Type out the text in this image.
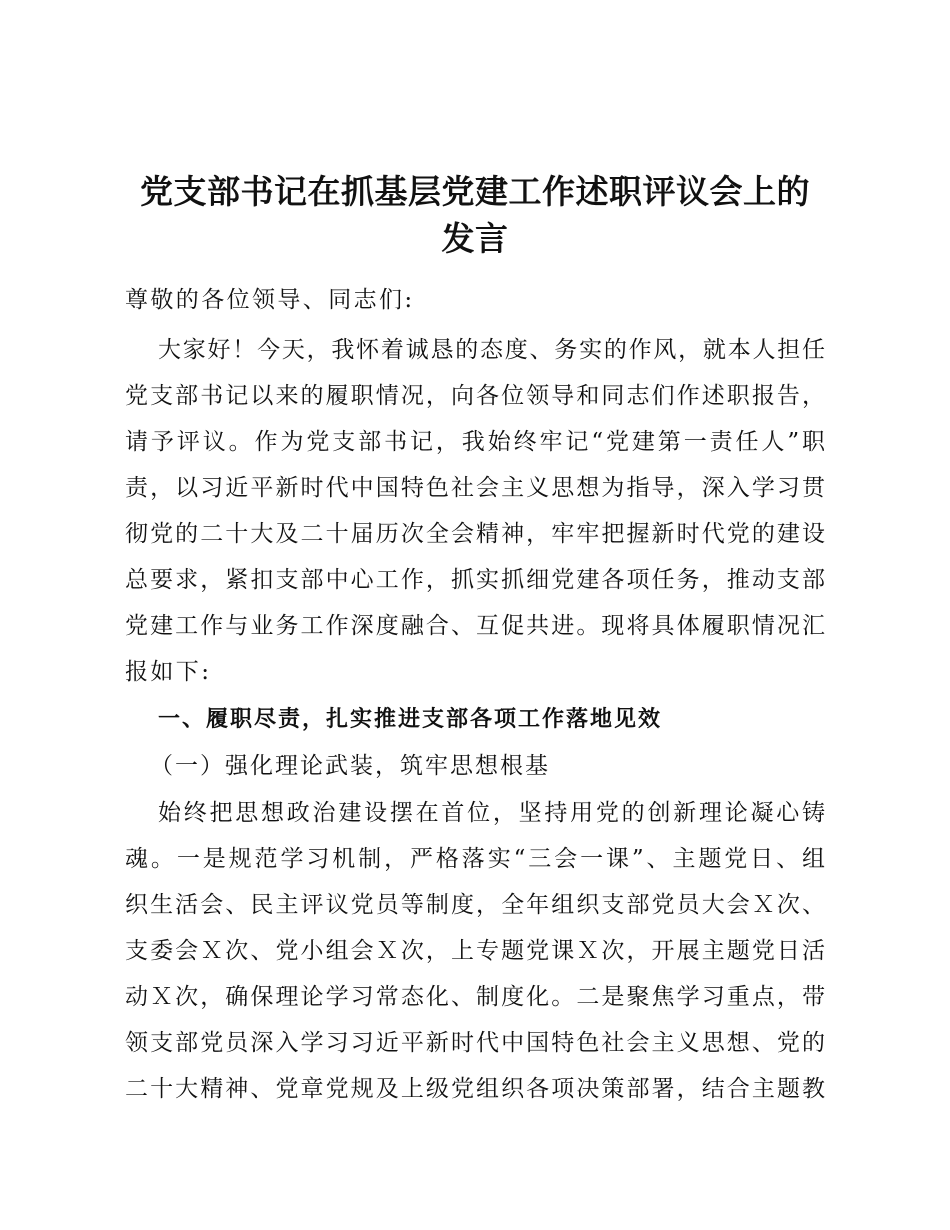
党支部书记在抓基层党建工作述职评议会上的
发言

尊敬的各位领导、同志们:

大家好！今天，我怀着诚恳的态度、务实的作风，就本人担任

党支部书记以来的履职情况，向各位领导和同志们作述职报告，

请予评议。作为党支部书记，我始终牢记“党建第一责任人”职

责，以习近平新时代中国特色社会主义思想为指导，深入学习贯

彻党的二十大及二十届历次全会精神，牢牢把握新时代党的建设

总要求，紧扣支部中心工作，抓实抓细党建各项任务，推动支部

党建工作与业务工作深度融合、互促共进。现将具体履职情况汇

报如下:

一、履职尽责，扎实推进支部各项工作落地见效

（一）强化理论武装，筑牢思想根基

始终把思想政治建设摆在首位，坚持用党的创新理论凝心铸

魂。一是规范学习机制，严格落实“三会一课”、主题党日、组

织生活会、民主评议党员等制度，全年组织支部党员大会Ｘ次、

支委会Ｘ次、党小组会Ｘ次，上专题党课Ｘ次，开展主题党日活

动Ｘ次，确保理论学习常态化、制度化。二是聚焦学习重点，带

领支部党员深入学习习近平新时代中国特色社会主义思想、党的

二十大精神、党章党规及上级党组织各项决策部署，结合主题教
